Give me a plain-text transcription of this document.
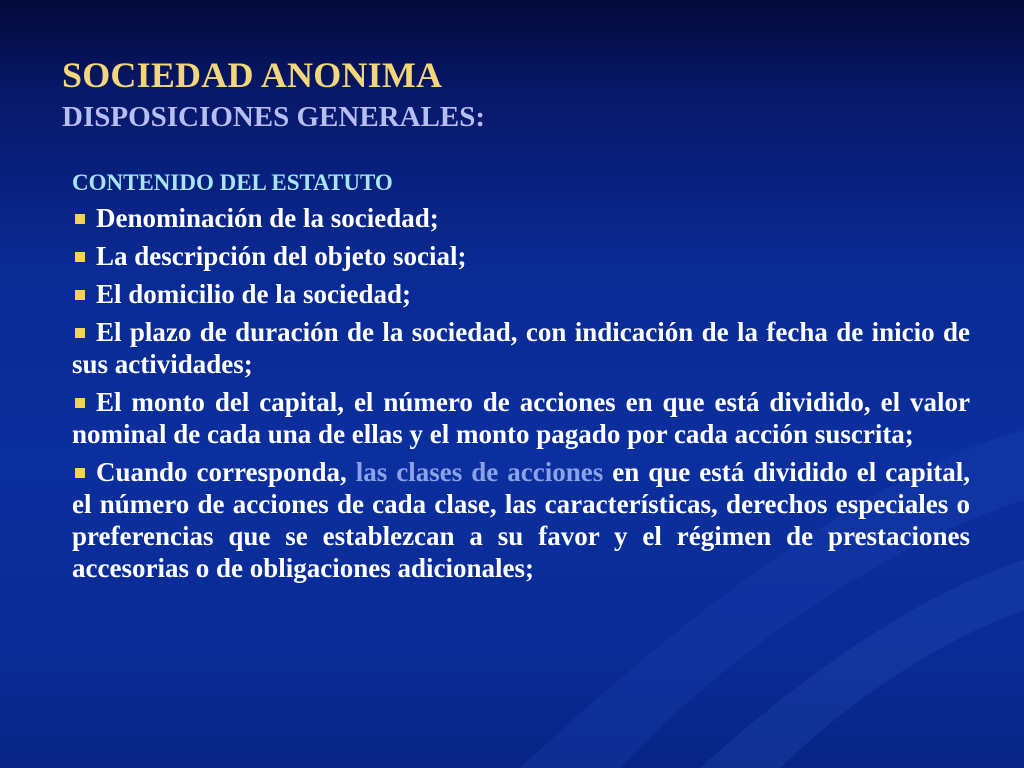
SOCIEDAD ANONIMA
DISPOSICIONES GENERALES:
CONTENIDO DEL ESTATUTO
Denominación de la sociedad;
La descripción del objeto social;
El domicilio de la sociedad;
El plazo de duración de la sociedad, con indicación de la fecha de inicio de sus actividades;
El monto del capital, el número de acciones en que está dividido, el valor nominal de cada una de ellas y el monto pagado por cada acción suscrita;
Cuando corresponda, las clases de acciones en que está dividido el capital, el número de acciones de cada clase, las características, derechos especiales o preferencias que se establezcan a su favor y el régimen de prestaciones accesorias o de obligaciones adicionales;
